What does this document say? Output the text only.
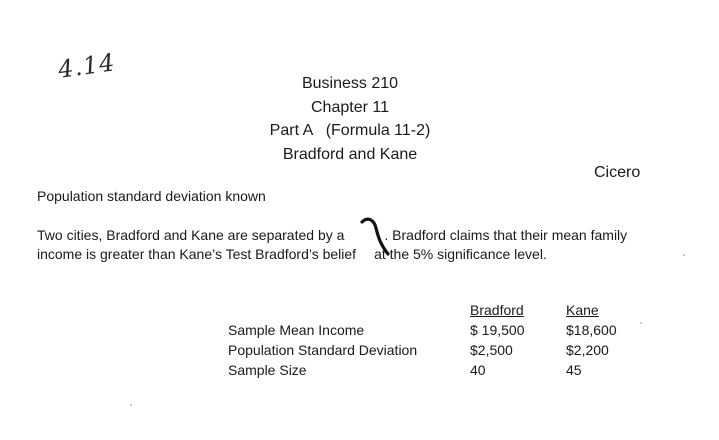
4.14	Business 210
Chapter 11
Part A   (Formula 11-2)
Bradford and Kane
Cicero
Population standard deviation known
Two cities, Bradford and Kane are separated by a	. Bradford claims that their mean family
income is greater than Kane’s Test Bradford’s belief at the 5% significance level.
	Bradford	Kane
Sample Mean Income	$ 19,500	$18,600
Population Standard Deviation	$2,500	$2,200
Sample Size	40	45
